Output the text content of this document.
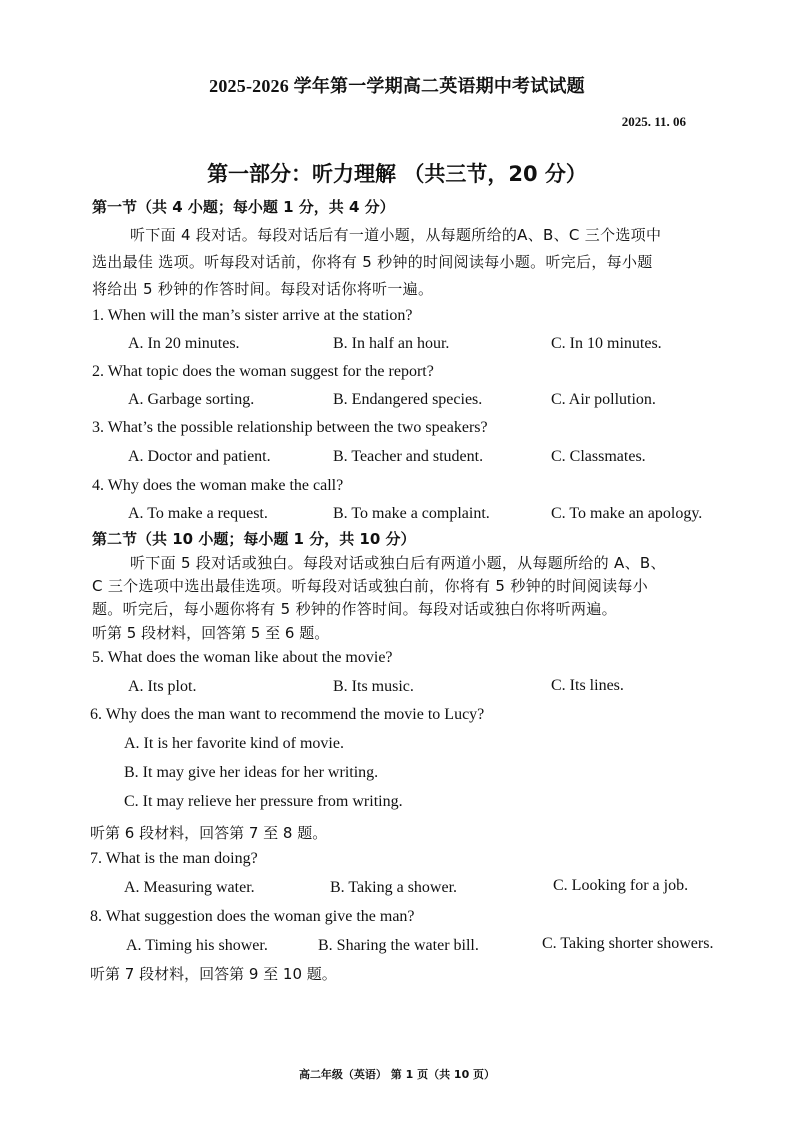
2025-2026 学年第一学期高二英语期中考试试题
2025. 11. 06
第一部分：听力理解 （共三节，20 分）
第一节（共 4 小题；每小题 1 分，共 4 分）
听下面 4 段对话。每段对话后有一道小题，从每题所给的A、B、C 三个选项中
选出最佳 选项。听每段对话前，你将有 5 秒钟的时间阅读每小题。听完后，每小题
将给出 5 秒钟的作答时间。每段对话你将听一遍。
1. When will the man’s sister arrive at the station?
A. In 20 minutes.	B. In half an hour.	C. In 10 minutes.
2. What topic does the woman suggest for the report?
A. Garbage sorting.	B. Endangered species.	C. Air pollution.
3. What’s the possible relationship between the two speakers?
A. Doctor and patient.	B. Teacher and student.	C. Classmates.
4. Why does the woman make the call?
A. To make a request.	B. To make a complaint.	C. To make an apology.
第二节（共 10 小题；每小题 1 分，共 10 分）
听下面 5 段对话或独白。每段对话或独白后有两道小题，从每题所给的 A、B、
C 三个选项中选出最佳选项。听每段对话或独白前，你将有 5 秒钟的时间阅读每小
题。听完后，每小题你将有 5 秒钟的作答时间。每段对话或独白你将听两遍。
听第 5 段材料，回答第 5 至 6 题。
5. What does the woman like about the movie?
A. Its plot.	B. Its music.	C. Its lines.
6. Why does the man want to recommend the movie to Lucy?
A. It is her favorite kind of movie.
B. It may give her ideas for her writing.
C. It may relieve her pressure from writing.
听第 6 段材料，回答第 7 至 8 题。
7. What is the man doing?
A. Measuring water.	B. Taking a shower.	C. Looking for a job.
8. What suggestion does the woman give the man?
A. Timing his shower.	B. Sharing the water bill.	C. Taking shorter showers.
听第 7 段材料，回答第 9 至 10 题。
高二年级（英语） 第 1 页（共 10 页）
